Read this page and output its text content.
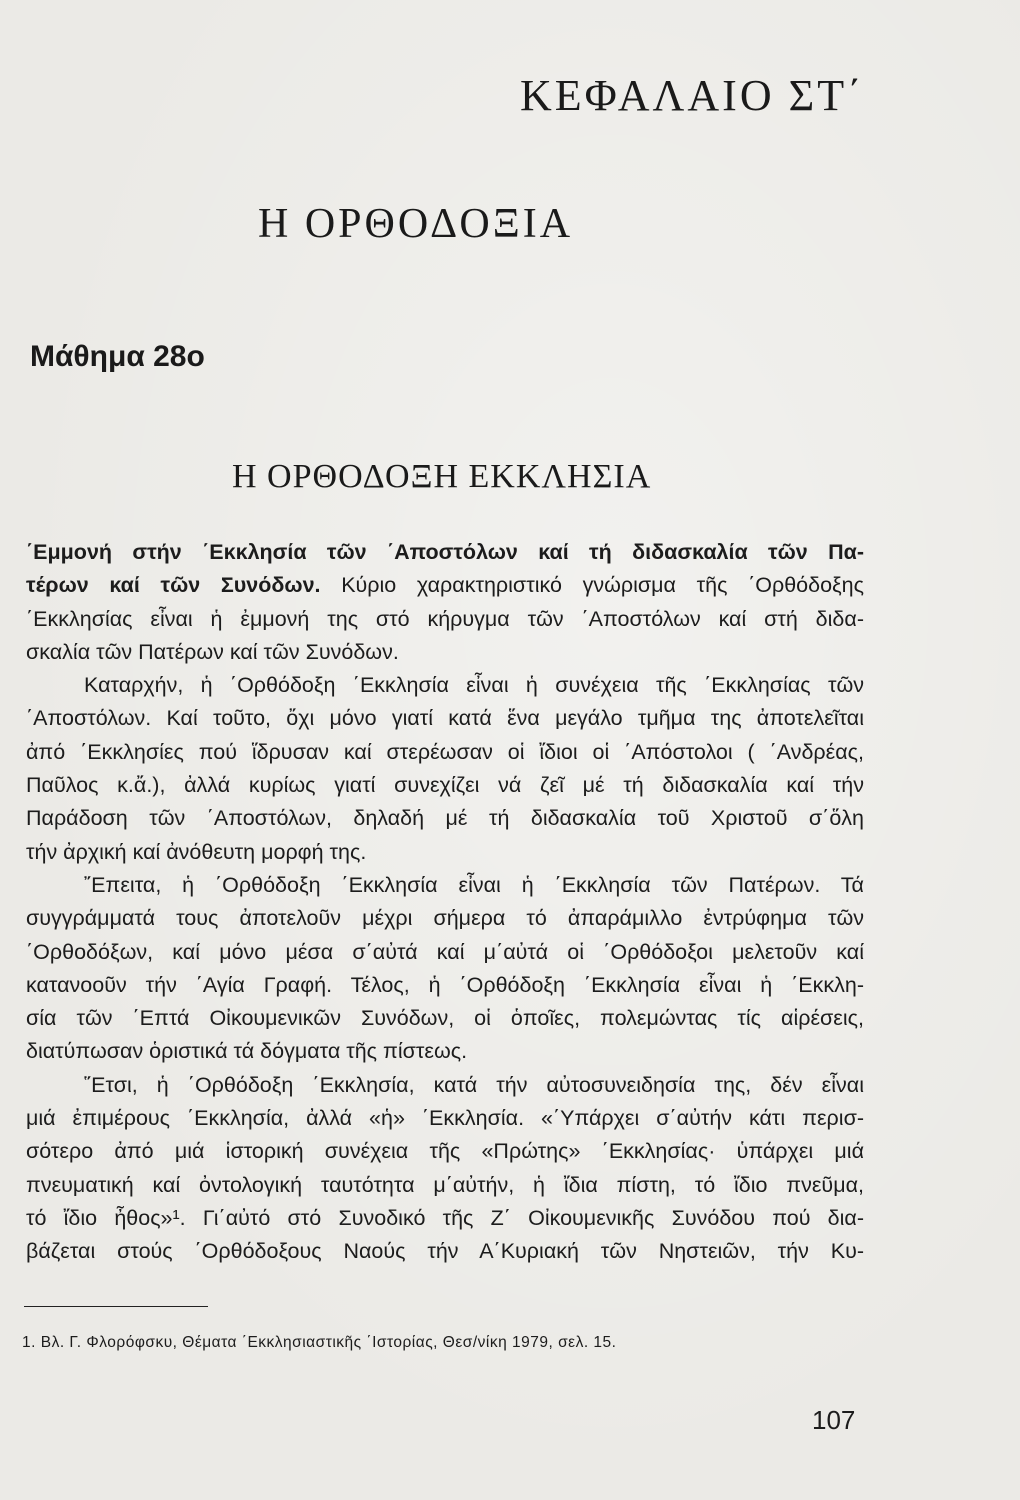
ΚΕΦΑΛΑΙΟ ΣΤ΄
Η ΟΡΘΟΔΟΞΙΑ
Μάθημα 28ο
Η ΟΡΘΟΔΟΞΗ ΕΚΚΛΗΣΙΑ
΄Εμμονή στήν ΄Εκκλησία τῶν ΄Αποστόλων καί τή διδασκαλία τῶν Πα-
τέρων καί τῶν Συνόδων. Κύριο χαρακτηριστικό γνώρισμα τῆς ΄Ορθόδοξης
΄Εκκλησίας εἶναι ἡ ἐμμονή της στό κήρυγμα τῶν ΄Αποστόλων καί στή διδα-
σκαλία τῶν Πατέρων καί τῶν Συνόδων.
Καταρχήν, ἡ ΄Ορθόδοξη ΄Εκκλησία εἶναι ἡ συνέχεια τῆς ΄Εκκλησίας τῶν
΄Αποστόλων. Καί τοῦτο, ὄχι μόνο γιατί κατά ἕνα μεγάλο τμῆμα της ἀποτελεῖται
ἀπό ΄Εκκλησίες πού ἵδρυσαν καί στερέωσαν οἱ ἴδιοι οἱ ΄Απόστολοι ( ΄Ανδρέας,
Παῦλος κ.ἄ.), ἀλλά κυρίως γιατί συνεχίζει νά ζεῖ μέ τή διδασκαλία καί τήν
Παράδοση τῶν ΄Αποστόλων, δηλαδή μέ τή διδασκαλία τοῦ Χριστοῦ σ΄ὅλη
τήν ἀρχική καί ἀνόθευτη μορφή της.
῎Επειτα, ἡ ΄Ορθόδοξη ΄Εκκλησία εἶναι ἡ ΄Εκκλησία τῶν Πατέρων. Τά
συγγράμματά τους ἀποτελοῦν μέχρι σήμερα τό ἀπαράμιλλο ἐντρύφημα τῶν
΄Ορθοδόξων, καί μόνο μέσα σ΄αὐτά καί μ΄αὐτά οἱ ΄Ορθόδοξοι μελετοῦν καί
κατανοοῦν τήν ΄Αγία Γραφή. Τέλος, ἡ ΄Ορθόδοξη ΄Εκκλησία εἶναι ἡ ΄Εκκλη-
σία τῶν ΄Επτά Οἰκουμενικῶν Συνόδων, οἱ ὁποῖες, πολεμώντας τίς αἱρέσεις,
διατύπωσαν ὁριστικά τά δόγματα τῆς πίστεως.
῞Ετσι, ἡ ΄Ορθόδοξη ΄Εκκλησία, κατά τήν αὐτοσυνειδησία της, δέν εἶναι
μιά ἐπιμέρους ΄Εκκλησία, ἀλλά «ἡ» ΄Εκκλησία. «΄Υπάρχει σ΄αὐτήν κάτι περισ-
σότερο ἀπό μιά ἱστορική συνέχεια τῆς «Πρώτης» ΄Εκκλησίας· ὑπάρχει μιά
πνευματική καί ὀντολογική ταυτότητα μ΄αὐτήν, ἡ ἴδια πίστη, τό ἴδιο πνεῦμα,
τό ἴδιο ἦθος»¹. Γι΄αὐτό στό Συνοδικό τῆς Ζ΄ Οἰκουμενικῆς Συνόδου πού δια-
βάζεται στούς ΄Ορθόδοξους Ναούς τήν Α΄Κυριακή τῶν Νηστειῶν, τήν Κυ-
1. Βλ. Γ. Φλορόφσκυ, Θέματα ΄Εκκλησιαστικῆς ΄Ιστορίας, Θεσ/νίκη 1979, σελ. 15.
107
